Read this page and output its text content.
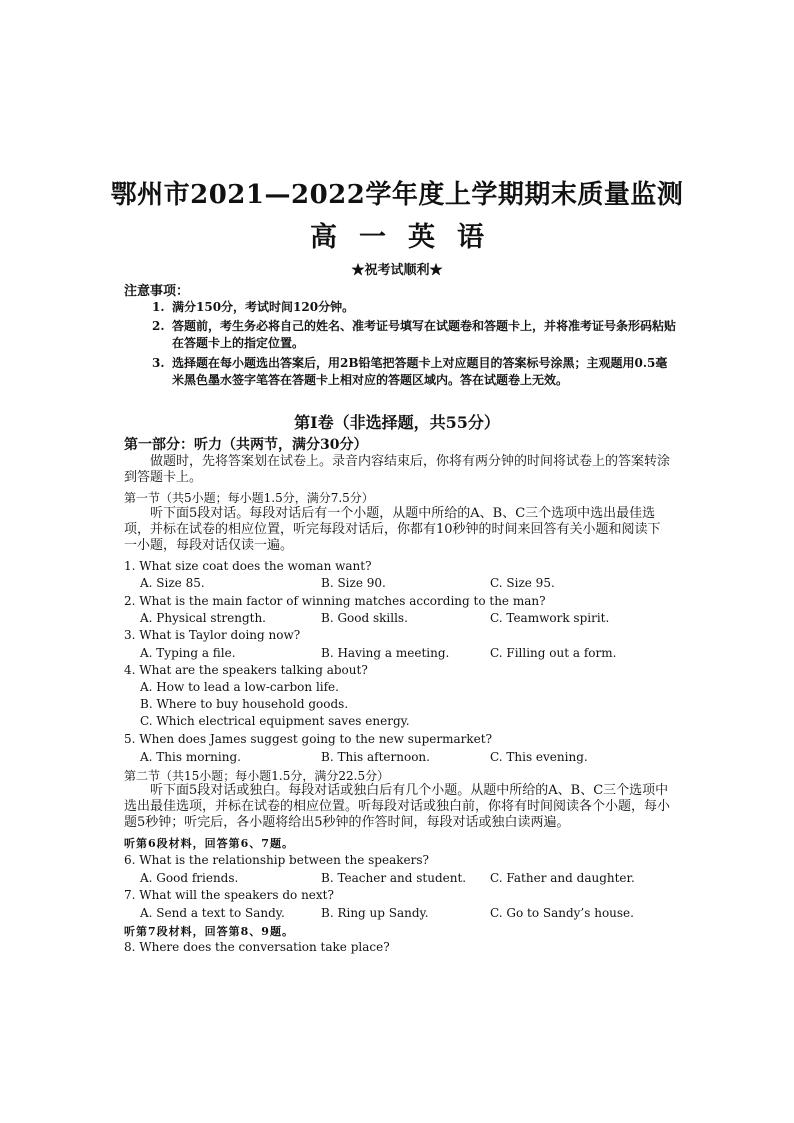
鄂州市2021—2022学年度上学期期末质量监测
高一英语
★祝考试顺利★
注意事项：
1. 满分150分，考试时间120分钟。
2. 答题前，考生务必将自己的姓名、准考证号填写在试题卷和答题卡上，并将准考证号条形码粘贴在答题卡上的指定位置。
3. 选择题在每小题选出答案后，用2B铅笔把答题卡上对应题目的答案标号涂黑；主观题用0.5毫米黑色墨水签字笔答在答题卡上相对应的答题区域内。答在试题卷上无效。
第Ⅰ卷（非选择题，共55分）
第一部分：听力（共两节，满分30分）
做题时，先将答案划在试卷上。录音内容结束后，你将有两分钟的时间将试卷上的答案转涂到答题卡上。
第一节（共5小题；每小题1.5分，满分7.5分）
听下面5段对话。每段对话后有一个小题，从题中所给的A、B、C三个选项中选出最佳选项，并标在试卷的相应位置，听完每段对话后，你都有10秒钟的时间来回答有关小题和阅读下一小题，每段对话仅读一遍。
1. What size coat does the woman want?
A. Size 85.	B. Size 90.	C. Size 95.
2. What is the main factor of winning matches according to the man?
A. Physical strength.	B. Good skills.	C. Teamwork spirit.
3. What is Taylor doing now?
A. Typing a file.	B. Having a meeting.	C. Filling out a form.
4. What are the speakers talking about?
A. How to lead a low-carbon life.
B. Where to buy household goods.
C. Which electrical equipment saves energy.
5. When does James suggest going to the new supermarket?
A. This morning.	B. This afternoon.	C. This evening.
第二节（共15小题；每小题1.5分，满分22.5分）
听下面5段对话或独白。每段对话或独白后有几个小题。从题中所给的A、B、C三个选项中选出最佳选项，并标在试卷的相应位置。听每段对话或独白前，你将有时间阅读各个小题，每小题5秒钟；听完后，各小题将给出5秒钟的作答时间，每段对话或独白读两遍。
听第6段材料，回答第6、7题。
6. What is the relationship between the speakers?
A. Good friends.	B. Teacher and student. C. Father and daughter.
7. What will the speakers do next?
A. Send a text to Sandy.	B. Ring up Sandy.	C. Go to Sandy’s house.
听第7段材料，回答第8、9题。
8. Where does the conversation take place?
